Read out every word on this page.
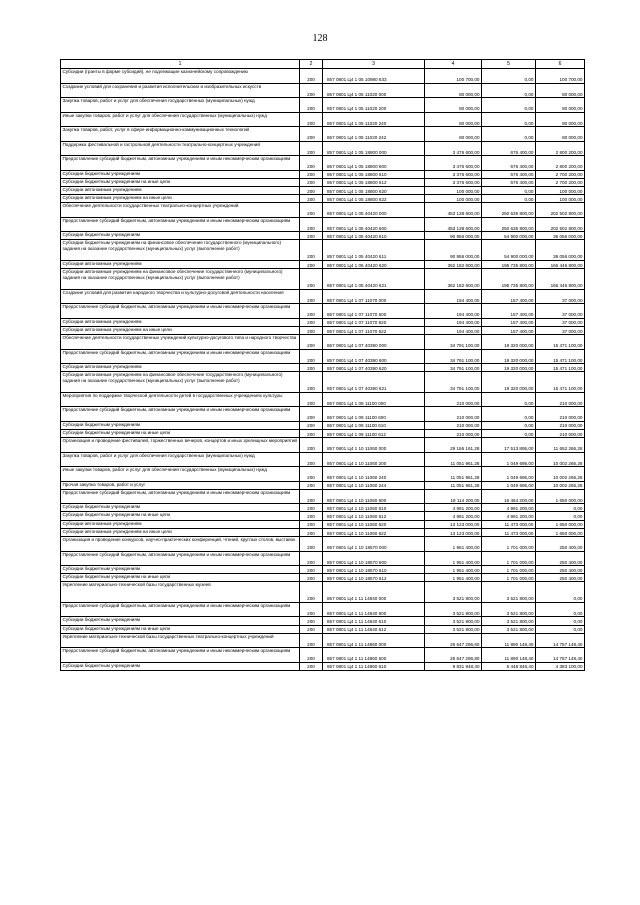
128
1	2	3	4	5	6
Субсидии (гранты в форме субсидий), не подлежащие казначейскому сопровождению	200	857 0801 Ц4 1 05 10980 633	100 700,00	0,00	100 700,00
Создание условий для сохранения и развития исполнительских и изобразительных искусств	200	857 0801 Ц4 1 05 11020 000	80 000,00	0,00	80 000,00
Закупка товаров, работ и услуг для обеспечения государственных (муниципальных) нужд	200	857 0801 Ц4 1 05 11020 200	80 000,00	0,00	80 000,00
Иные закупки товаров, работ и услуг для обеспечения государственных (муниципальных) нужд	200	857 0801 Ц4 1 05 11020 240	80 000,00	0,00	80 000,00
Закупка товаров, работ, услуг в сфере информационно-коммуникационных технологий	200	857 0801 Ц4 1 05 11020 242	80 000,00	0,00	80 000,00
Поддержка фестивальной и гастрольной деятельности театрально-концертных учреждений	200	857 0801 Ц4 1 05 18800 000	3 476 600,00	676 400,00	2 800 200,00
Предоставление субсидий бюджетным, автономным учреждениям и иным некоммерческим организациям	200	857 0801 Ц4 1 05 18800 600	3 476 600,00	676 400,00	2 800 200,00
Субсидии бюджетным учреждениям	200	857 0801 Ц4 1 05 18800 610	3 376 600,00	676 400,00	2 700 200,00
Субсидии бюджетным учреждениям на иные цели	200	857 0801 Ц4 1 05 18800 612	3 376 600,00	676 400,00	2 700 200,00
Субсидии автономным учреждениям	200	857 0801 Ц4 1 05 18800 620	100 000,00	0,00	100 000,00
Субсидии автономным учреждениям на иные цели	200	857 0801 Ц4 1 05 18800 622	100 000,00	0,00	100 000,00
Обеспечение деятельности государственных театрально-концертных учреждений	200	857 0801 Ц4 1 05 40420 000	453 138 600,00	250 635 800,00	202 502 800,00
Предоставление субсидий бюджетным, автономным учреждениям и иным некоммерческим организациям	200	857 0801 Ц4 1 05 40420 600	453 138 600,00	250 635 800,00	202 502 800,00
Субсидии бюджетным учреждениям	200	857 0801 Ц4 1 05 40420 610	90 956 000,00	54 900 000,00	36 056 000,00
Субсидии бюджетным учреждениям на финансовое обеспечение государственного (муниципального) задания на оказание государственных (муниципальных) услуг (выполнение работ)	200	857 0801 Ц4 1 05 40420 611	90 956 000,00	54 900 000,00	36 056 000,00
Субсидии автономным учреждениям	200	857 0801 Ц4 1 05 40420 620	362 182 600,00	195 735 800,00	166 446 800,00
Субсидии автономным учреждениям на финансовое обеспечение государственного (муниципального) задания на оказание государственных (муниципальных) услуг (выполнение работ)	200	857 0801 Ц4 1 05 40420 621	362 182 600,00	195 735 800,00	166 446 800,00
Создание условий для развития народного творчества и культурно-досуговой деятельности населения	200	857 0801 Ц4 1 07 11070 000	194 400,00	157 400,00	37 000,00
Предоставление субсидий бюджетным, автономным учреждениям и иным некоммерческим организациям	200	857 0801 Ц4 1 07 11070 600	194 400,00	157 400,00	37 000,00
Субсидии автономным учреждениям	200	857 0801 Ц4 1 07 11070 620	194 400,00	157 400,00	37 000,00
Субсидии автономным учреждениям на иные цели	200	857 0801 Ц4 1 07 11070 622	194 400,00	157 400,00	37 000,00
Обеспечение деятельности государственных учреждений культурно-досугового типа и народного творчества	200	857 0801 Ц4 1 07 40390 000	34 791 100,00	19 320 000,00	15 471 100,00
Предоставление субсидий бюджетным, автономным учреждениям и иным некоммерческим организациям	200	857 0801 Ц4 1 07 40390 600	34 791 100,00	19 320 000,00	15 471 100,00
Субсидии автономным учреждениям	200	857 0801 Ц4 1 07 40390 620	34 791 100,00	19 320 000,00	15 471 100,00
Субсидии автономным учреждениям на финансовое обеспечение государственного (муниципального) задания на оказание государственных (муниципальных) услуг (выполнение работ)	200	857 0801 Ц4 1 07 40390 621	34 791 100,00	19 320 000,00	15 471 100,00
Мероприятия по поддержке творческой деятельности детей в государственных учреждениях культуры	200	857 0801 Ц4 1 09 11100 000	210 000,00	0,00	210 000,00
Предоставление субсидий бюджетным, автономным учреждениям и иным некоммерческим организациям	200	857 0801 Ц4 1 09 11100 600	210 000,00	0,00	210 000,00
Субсидии бюджетным учреждениям	200	857 0801 Ц4 1 09 11100 610	210 000,00	0,00	210 000,00
Субсидии бюджетным учреждениям на иные цели	200	857 0801 Ц4 1 09 11100 612	210 000,00	0,00	210 000,00
Организация и проведение фестивалей, торжественных вечеров, концертов и иных зрелищных мероприятий	200	857 0801 Ц4 1 10 11060 000	29 166 161,28	17 513 895,00	11 652 266,28
Закупка товаров, работ и услуг для обеспечения государственных (муниципальных) нужд	200	857 0801 Ц4 1 10 11060 200	11 051 961,28	1 049 695,00	10 002 266,28
Иные закупки товаров, работ и услуг для обеспечения государственных (муниципальных) нужд	200	857 0801 Ц4 1 10 11060 240	11 051 961,28	1 049 695,00	10 002 266,28
Прочая закупка товаров, работ и услуг	200	857 0801 Ц4 1 10 11060 244	11 051 961,28	1 049 695,00	10 002 266,28
Предоставление субсидий бюджетным, автономным учреждениям и иным некоммерческим организациям	200	857 0801 Ц4 1 10 11060 600	18 114 200,00	16 464 200,00	1 650 000,00
Субсидии бюджетным учреждениям	200	857 0801 Ц4 1 10 11060 610	4 991 200,00	4 991 200,00	0,00
Субсидии бюджетным учреждениям на иные цели	200	857 0801 Ц4 1 10 11060 612	4 991 200,00	4 991 200,00	0,00
Субсидии автономным учреждениям	200	857 0801 Ц4 1 10 11060 620	13 123 000,00	11 473 000,00	1 650 000,00
Субсидии автономным учреждениям на иные цели	200	857 0801 Ц4 1 10 11060 622	13 123 000,00	11 473 000,00	1 650 000,00
Организация и проведение конкурсов, научно-практических конференций, чтений, круглых столов, выставок	200	857 0801 Ц4 1 10 18570 000	1 951 400,00	1 701 000,00	250 400,00
Предоставление субсидий бюджетным, автономным учреждениям и иным некоммерческим организациям	200	857 0801 Ц4 1 10 18570 600	1 951 400,00	1 701 000,00	250 400,00
Субсидии бюджетным учреждениям	200	857 0801 Ц4 1 10 18570 610	1 951 400,00	1 701 000,00	250 400,00
Субсидии бюджетным учреждениям на иные цели	200	857 0801 Ц4 1 10 18570 612	1 951 400,00	1 701 000,00	250 400,00
Укрепление материально-технической базы государственных музеев	200	857 0801 Ц4 1 11 14840 000	3 521 800,00	3 521 800,00	0,00
Предоставление субсидий бюджетным, автономным учреждениям и иным некоммерческим организациям	200	857 0801 Ц4 1 11 14840 600	3 521 800,00	3 521 800,00	0,00
Субсидии бюджетным учреждениям	200	857 0801 Ц4 1 11 14840 610	3 521 800,00	3 521 800,00	0,00
Субсидии бюджетным учреждениям на иные цели	200	857 0801 Ц4 1 11 14840 612	3 521 800,00	3 521 800,00	0,00
Укрепление материально-технической базы государственных театрально-концертных учреждений	200	857 0801 Ц4 1 11 14860 000	26 647 296,60	11 890 148,40	14 757 148,40
Предоставление субсидий бюджетным, автономным учреждениям и иным некоммерческим организациям	200	857 0801 Ц4 1 11 14860 600	26 647 296,80	11 890 148,40	14 757 148,40
Субсидии бюджетным учреждениям	200	857 0801 Ц4 1 11 14860 610	9 831 948,40	5 448 848,40	4 383 100,00
